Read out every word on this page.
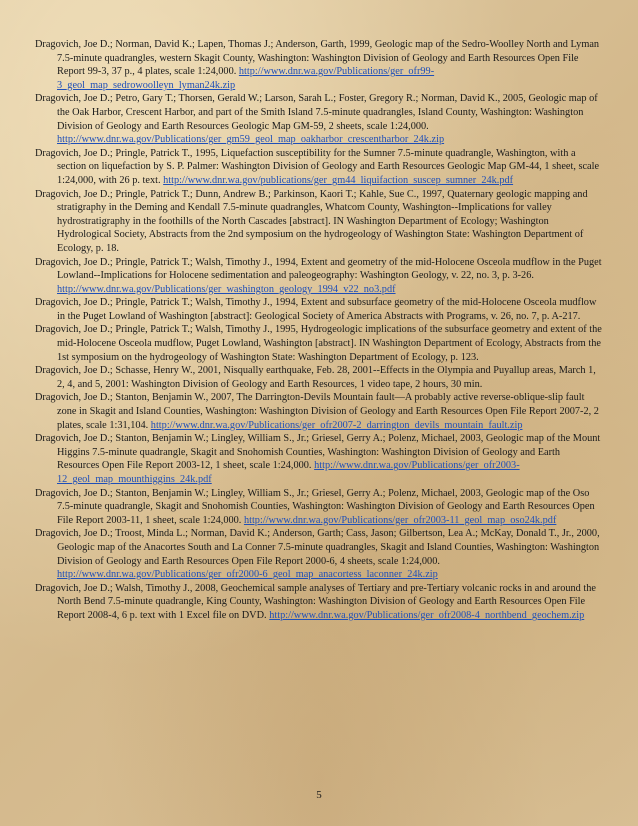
Dragovich, Joe D.; Norman, David K.; Lapen, Thomas J.; Anderson, Garth, 1999, Geologic map of the Sedro-Woolley North and Lyman 7.5-minute quadrangles, western Skagit County, Washington: Washington Division of Geology and Earth Resources Open File Report 99-3, 37 p., 4 plates, scale 1:24,000. http://www.dnr.wa.gov/Publications/ger_ofr99-3_geol_map_sedrowoolleyn_lyman24k.zip

Dragovich, Joe D.; Petro, Gary T.; Thorsen, Gerald W.; Larson, Sarah L.; Foster, Gregory R.; Norman, David K., 2005, Geologic map of the Oak Harbor, Crescent Harbor, and part of the Smith Island 7.5-minute quadrangles, Island County, Washington: Washington Division of Geology and Earth Resources Geologic Map GM-59, 2 sheets, scale 1:24,000. http://www.dnr.wa.gov/Publications/ger_gm59_geol_map_oakharbor_crescentharbor_24k.zip

Dragovich, Joe D.; Pringle, Patrick T., 1995, Liquefaction susceptibility for the Sumner 7.5-minute quadrangle, Washington, with a section on liquefaction by S. P. Palmer: Washington Division of Geology and Earth Resources Geologic Map GM-44, 1 sheet, scale 1:24,000, with 26 p. text. http://www.dnr.wa.gov/publications/ger_gm44_liquifaction_suscep_sumner_24k.pdf

Dragovich, Joe D.; Pringle, Patrick T.; Dunn, Andrew B.; Parkinson, Kaori T.; Kahle, Sue C., 1997, Quaternary geologic mapping and stratigraphy in the Deming and Kendall 7.5-minute quadrangles, Whatcom County, Washington--Implications for valley hydrostratigraphy in the foothills of the North Cascades [abstract]. IN Washington Department of Ecology; Washington Hydrological Society, Abstracts from the 2nd symposium on the hydrogeology of Washington State: Washington Department of Ecology, p. 18.

Dragovich, Joe D.; Pringle, Patrick T.; Walsh, Timothy J., 1994, Extent and geometry of the mid-Holocene Osceola mudflow in the Puget Lowland--Implications for Holocene sedimentation and paleogeography: Washington Geology, v. 22, no. 3, p. 3-26. http://www.dnr.wa.gov/Publications/ger_washington_geology_1994_v22_no3.pdf

Dragovich, Joe D.; Pringle, Patrick T.; Walsh, Timothy J., 1994, Extent and subsurface geometry of the mid-Holocene Osceola mudflow in the Puget Lowland of Washington [abstract]: Geological Society of America Abstracts with Programs, v. 26, no. 7, p. A-217.

Dragovich, Joe D.; Pringle, Patrick T.; Walsh, Timothy J., 1995, Hydrogeologic implications of the subsurface geometry and extent of the mid-Holocene Osceola mudflow, Puget Lowland, Washington [abstract]. IN Washington Department of Ecology, Abstracts from the 1st symposium on the hydrogeology of Washington State: Washington Department of Ecology, p. 123.

Dragovich, Joe D.; Schasse, Henry W., 2001, Nisqually earthquake, Feb. 28, 2001--Effects in the Olympia and Puyallup areas, March 1, 2, 4, and 5, 2001: Washington Division of Geology and Earth Resources, 1 video tape, 2 hours, 30 min.

Dragovich, Joe D.; Stanton, Benjamin W., 2007, The Darrington-Devils Mountain fault—A probably active reverse-oblique-slip fault zone in Skagit and Island Counties, Washington: Washington Division of Geology and Earth Resources Open File Report 2007-2, 2 plates, scale 1:31,104. http://www.dnr.wa.gov/Publications/ger_ofr2007-2_darrington_devils_mountain_fault.zip

Dragovich, Joe D.; Stanton, Benjamin W.; Lingley, William S., Jr.; Griesel, Gerry A.; Polenz, Michael, 2003, Geologic map of the Mount Higgins 7.5-minute quadrangle, Skagit and Snohomish Counties, Washington: Washington Division of Geology and Earth Resources Open File Report 2003-12, 1 sheet, scale 1:24,000. http://www.dnr.wa.gov/Publications/ger_ofr2003-12_geol_map_mounthiggins_24k.pdf

Dragovich, Joe D.; Stanton, Benjamin W.; Lingley, William S., Jr.; Griesel, Gerry A.; Polenz, Michael, 2003, Geologic map of the Oso 7.5-minute quadrangle, Skagit and Snohomish Counties, Washington: Washington Division of Geology and Earth Resources Open File Report 2003-11, 1 sheet, scale 1:24,000. http://www.dnr.wa.gov/Publications/ger_ofr2003-11_geol_map_oso24k.pdf

Dragovich, Joe D.; Troost, Minda L.; Norman, David K.; Anderson, Garth; Cass, Jason; Gilbertson, Lea A.; McKay, Donald T., Jr., 2000, Geologic map of the Anacortes South and La Conner 7.5-minute quadrangles, Skagit and Island Counties, Washington: Washington Division of Geology and Earth Resources Open File Report 2000-6, 4 sheets, scale 1:24,000. http://www.dnr.wa.gov/Publications/ger_ofr2000-6_geol_map_anacortess_laconner_24k.zip

Dragovich, Joe D.; Walsh, Timothy J., 2008, Geochemical sample analyses of Tertiary and pre-Tertiary volcanic rocks in and around the North Bend 7.5-minute quadrangle, King County, Washington: Washington Division of Geology and Earth Resources Open File Report 2008-4, 6 p. text with 1 Excel file on DVD. http://www.dnr.wa.gov/Publications/ger_ofr2008-4_northbend_geochem.zip

5
